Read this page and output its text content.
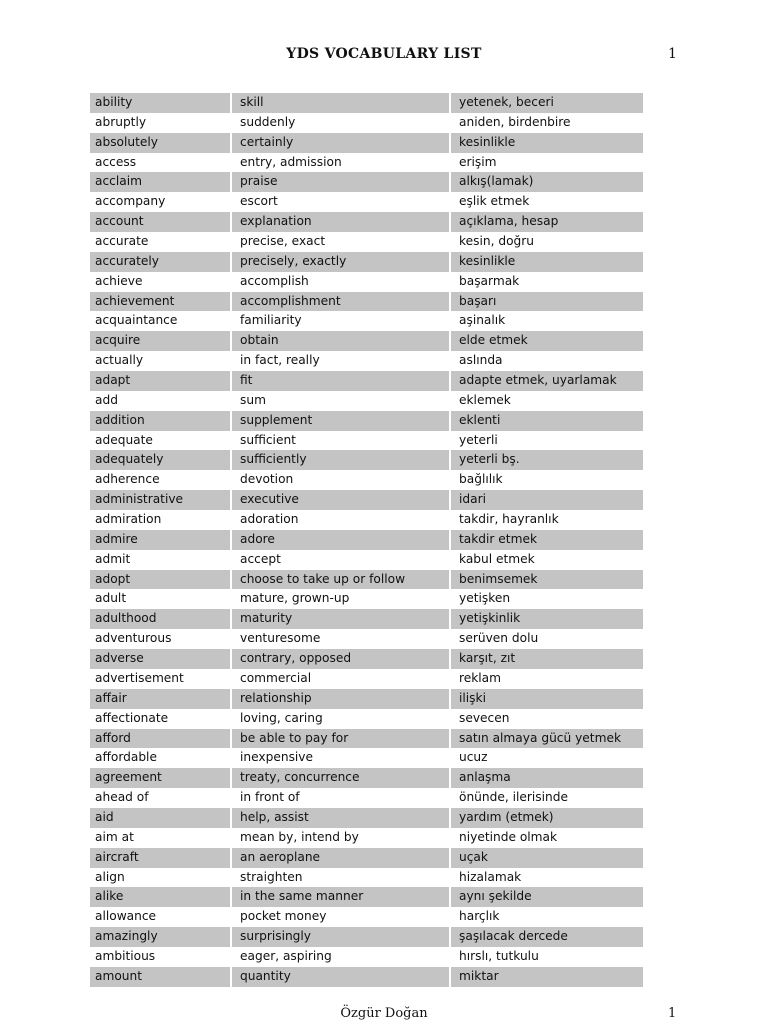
YDS VOCABULARY LIST	1
ability	skill	yetenek, beceri
abruptly	suddenly	aniden, birdenbire
absolutely	certainly	kesinlikle
access	entry, admission	erişim
acclaim	praise	alkış(lamak)
accompany	escort	eşlik etmek
account	explanation	açıklama, hesap
accurate	precise, exact	kesin, doğru
accurately	precisely, exactly	kesinlikle
achieve	accomplish	başarmak
achievement	accomplishment	başarı
acquaintance	familiarity	aşinalık
acquire	obtain	elde etmek
actually	in fact, really	aslında
adapt	fit	adapte etmek, uyarlamak
add	sum	eklemek
addition	supplement	eklenti
adequate	sufficient	yeterli
adequately	sufficiently	yeterli bş.
adherence	devotion	bağlılık
administrative	executive	idari
admiration	adoration	takdir, hayranlık
admire	adore	takdir etmek
admit	accept	kabul etmek
adopt	choose to take up or follow	benimsemek
adult	mature, grown-up	yetişken
adulthood	maturity	yetişkinlik
adventurous	venturesome	serüven dolu
adverse	contrary, opposed	karşıt, zıt
advertisement	commercial	reklam
affair	relationship	ilişki
affectionate	loving, caring	sevecen
afford	be able to pay for	satın almaya gücü yetmek
affordable	inexpensive	ucuz
agreement	treaty, concurrence	anlaşma
ahead of	in front of	önünde, ilerisinde
aid	help, assist	yardım (etmek)
aim at	mean by, intend by	niyetinde olmak
aircraft	an aeroplane	uçak
align	straighten	hizalamak
alike	in the same manner	aynı şekilde
allowance	pocket money	harçlık
amazingly	surprisingly	şaşılacak dercede
ambitious	eager, aspiring	hırslı, tutkulu
amount	quantity	miktar
Özgür Doğan	1
